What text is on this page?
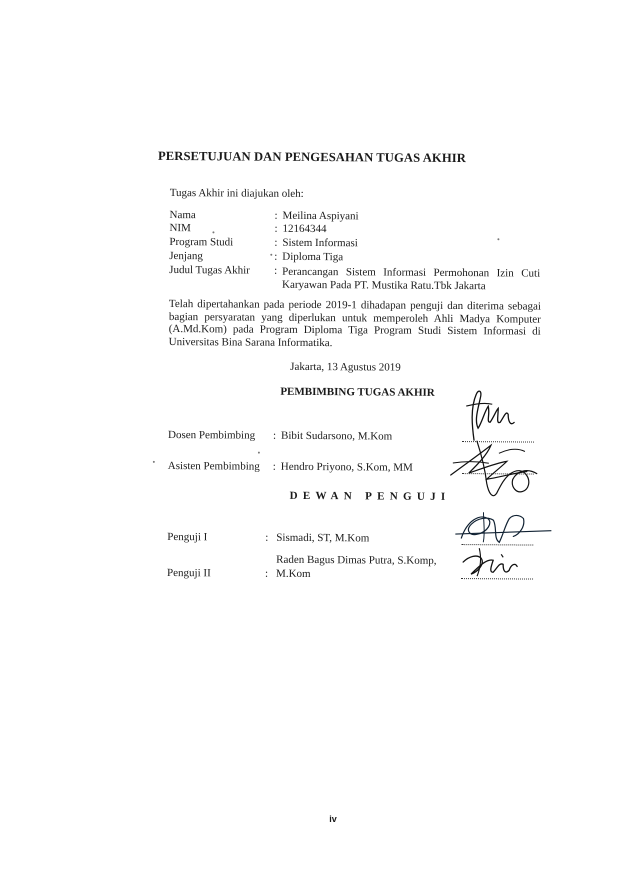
PERSETUJUAN DAN PENGESAHAN TUGAS AKHIR
Tugas Akhir ini diajukan oleh:
Nama	: Meilina Aspiyani
NIM	: 12164344
Program Studi	: Sistem Informasi
Jenjang	: Diploma Tiga
Judul Tugas Akhir : Perancangan Sistem Informasi Permohonan Izin Cuti
Karyawan Pada PT. Mustika Ratu.Tbk Jakarta
Telah dipertahankan pada periode 2019-1 dihadapan penguji dan diterima sebagai bagian persyaratan yang diperlukan untuk memperoleh Ahli Madya Komputer (A.Md.Kom) pada Program Diploma Tiga Program Studi Sistem Informasi di Universitas Bina Sarana Informatika.
Jakarta, 13 Agustus 2019
PEMBIMBING TUGAS AKHIR
Dosen Pembimbing : Bibit Sudarsono, M.Kom
Asisten Pembimbing : Hendro Priyono, S.Kom, MM
DEWAN PENGUJI
Penguji I	: Sismadi, ST, M.Kom
Raden Bagus Dimas Putra, S.Komp,
Penguji II	: M.Kom
iv
